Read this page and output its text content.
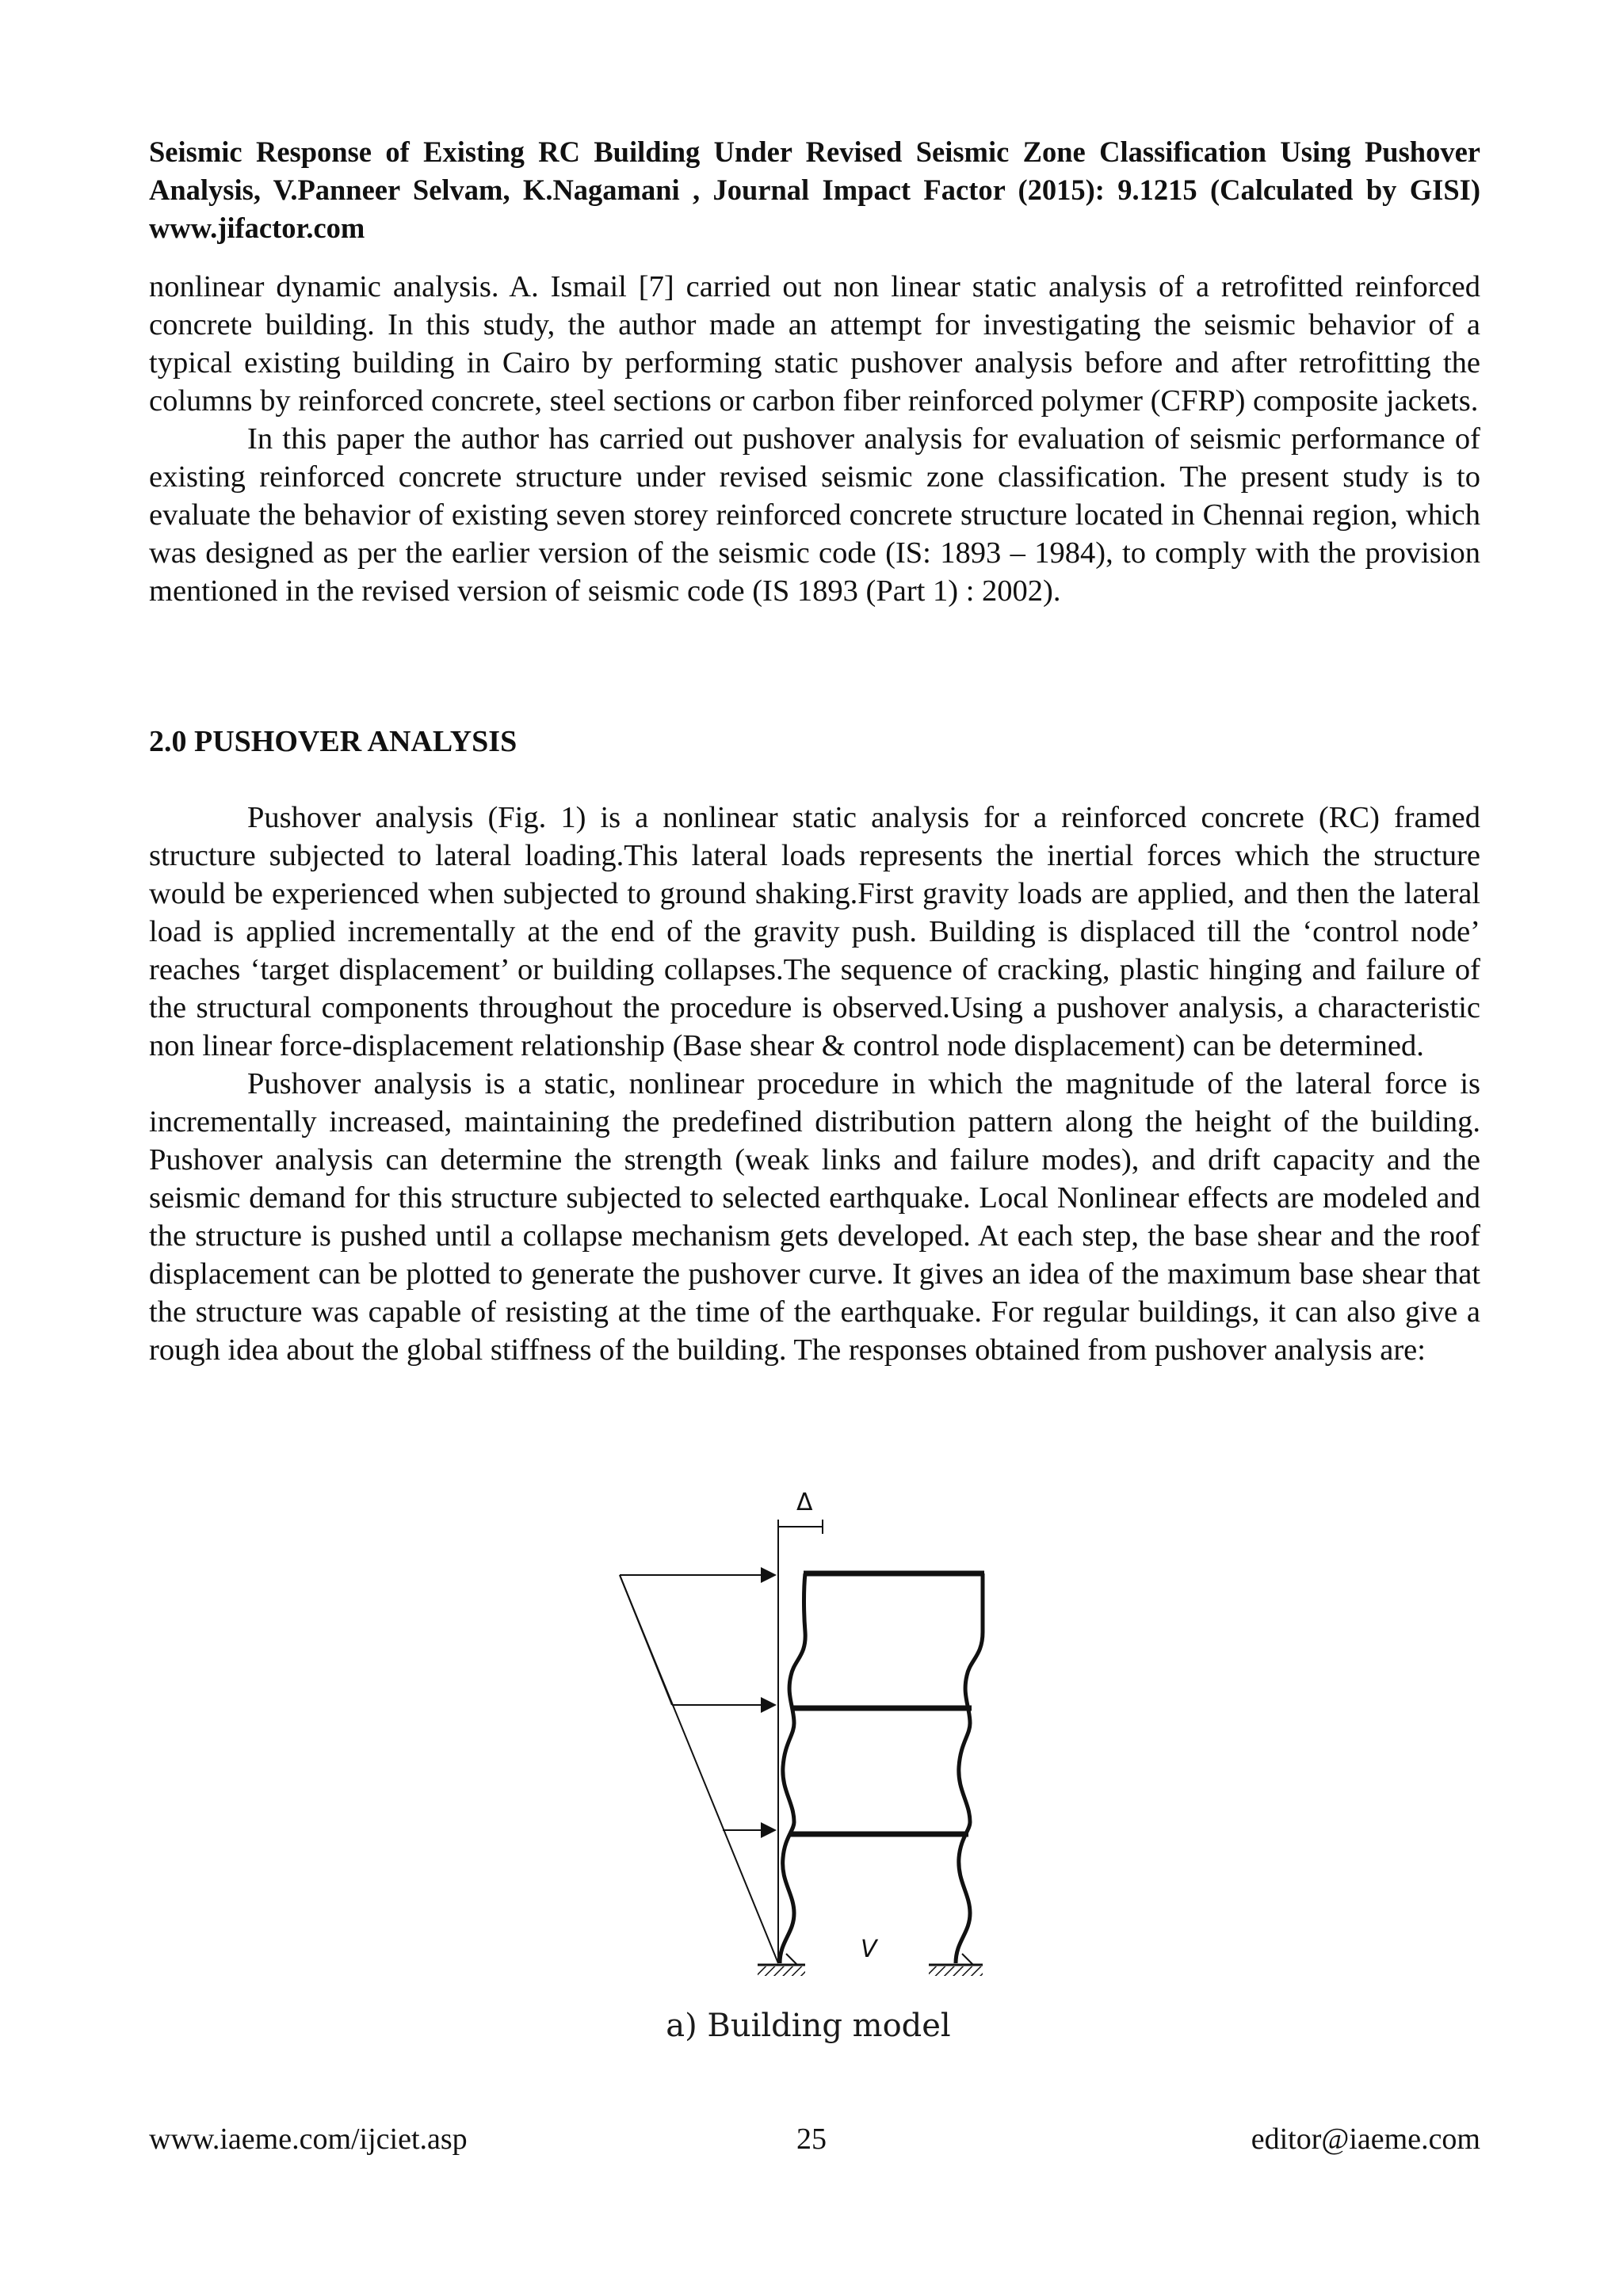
Seismic Response of Existing RC Building Under Revised Seismic Zone Classification Using Pushover Analysis, V.Panneer Selvam, K.Nagamani , Journal Impact Factor (2015): 9.1215 (Calculated by GISI) www.jifactor.com

nonlinear dynamic analysis. A. Ismail [7] carried out non linear static analysis of a retrofitted reinforced concrete building. In this study, the author made an attempt for investigating the seismic behavior of a typical existing building in Cairo by performing static pushover analysis before and after retrofitting the columns by reinforced concrete, steel sections or carbon fiber reinforced polymer (CFRP) composite jackets.

In this paper the author has carried out pushover analysis for evaluation of seismic performance of existing reinforced concrete structure under revised seismic zone classification. The present study is to evaluate the behavior of existing seven storey reinforced concrete structure located in Chennai region, which was designed as per the earlier version of the seismic code (IS: 1893 – 1984), to comply with the provision mentioned in the revised version of seismic code (IS 1893 (Part 1) : 2002).

2.0 PUSHOVER ANALYSIS

Pushover analysis (Fig. 1) is a nonlinear static analysis for a reinforced concrete (RC) framed structure subjected to lateral loading.This lateral loads represents the inertial forces which the structure would be experienced when subjected to ground shaking.First gravity loads are applied, and then the lateral load is applied incrementally at the end of the gravity push. Building is displaced till the ‘control node’ reaches ‘target displacement’ or building collapses.The sequence of cracking, plastic hinging and failure of the structural components throughout the procedure is observed.Using a pushover analysis, a characteristic non linear force-displacement relationship (Base shear & control node displacement) can be determined.

Pushover analysis is a static, nonlinear procedure in which the magnitude of the lateral force is incrementally increased, maintaining the predefined distribution pattern along the height of the building. Pushover analysis can determine the strength (weak links and failure modes), and drift capacity and the seismic demand for this structure subjected to selected earthquake. Local Nonlinear effects are modeled and the structure is pushed until a collapse mechanism gets developed. At each step, the base shear and the roof displacement can be plotted to generate the pushover curve. It gives an idea of the maximum base shear that the structure was capable of resisting at the time of the earthquake. For regular buildings, it can also give a rough idea about the global stiffness of the building. The responses obtained from pushover analysis are:

Δ
V
a) Building model
www.iaeme.com/ijciet.asp	25	editor@iaeme.com
